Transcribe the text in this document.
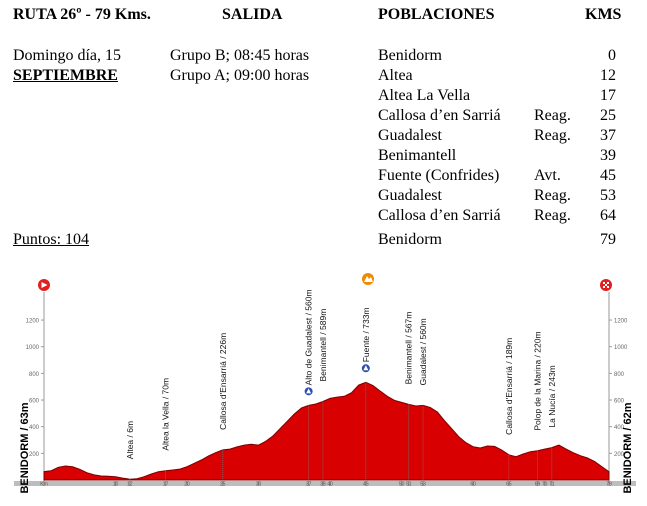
RUTA 26º - 79 Kms.	SALIDA	POBLACIONES	KMS
Domingo día, 15
SEPTIEMBRE
Grupo B; 08:45 horas
Grupo A; 09:00 horas
Puntos: 104
Benidorm	0
Altea	12
Altea La Vella	17
Callosa d’en Sarriá Reag.	25
Guadalest	Reag.	37
Benimantell	39
Fuente (Confrides) Avt.	45
Guadalest	Reag.	53
Callosa d’en Sarriá Reag.	64
Benidorm	79
200	200
400	400
600	600
800	800
1000	1000
1200	1200
Km	10 12	17	20	25	30	37 39 40	45	50 51 53	60	65	69 70 71	79
Altea / 6m	Altea la Vella / 70m	Callosa d'Ensarriá / 226m	Alto de Guadalest / 560m Benimantell / 589m	Fuente / 733m	Benimantell / 567m Guadalest / 560m	Callosa d'Ensarriá / 189m Polop de la Marina / 220m La Nucía / 243m
BENIDORM / 63m	BENIDORM / 62m
